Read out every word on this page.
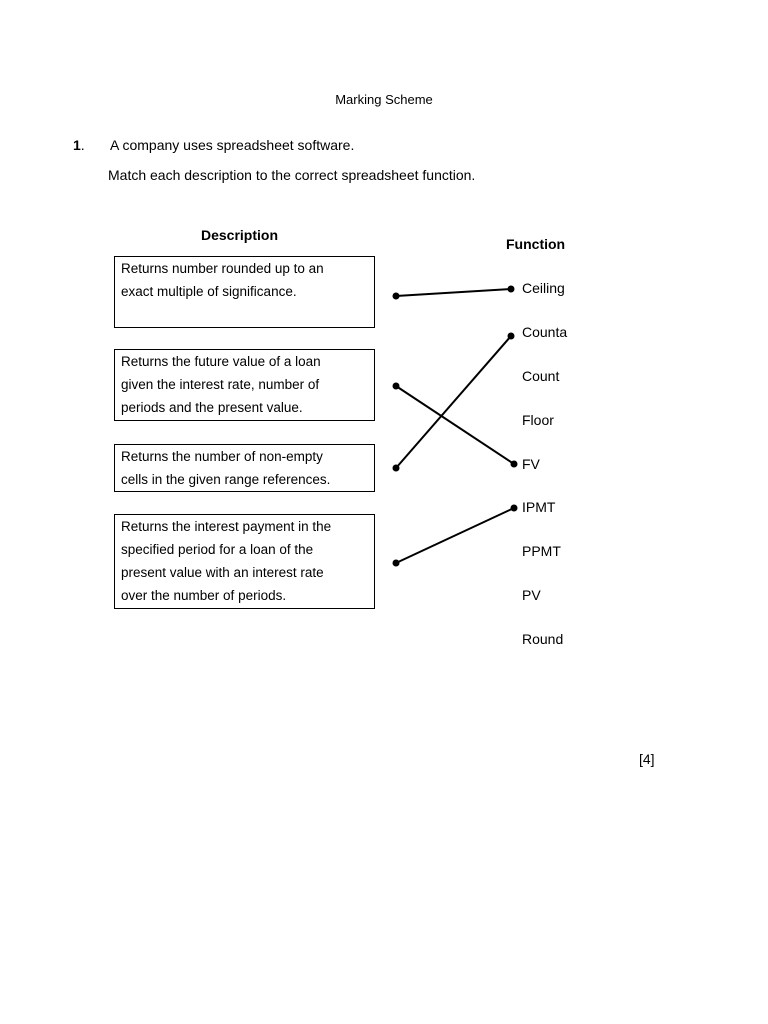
Marking Scheme
1. A company uses spreadsheet software.
Match each description to the correct spreadsheet function.
Description
Function
Returns number rounded up to an
exact multiple of significance.
Returns the future value of a loan
given the interest rate, number of
periods and the present value.
Returns the number of non-empty
cells in the given range references.
Returns the interest payment in the
specified period for a loan of the
present value with an interest rate
over the number of periods.
Ceiling
Counta
Count
Floor
FV
IPMT
PPMT
PV
Round
[4]
